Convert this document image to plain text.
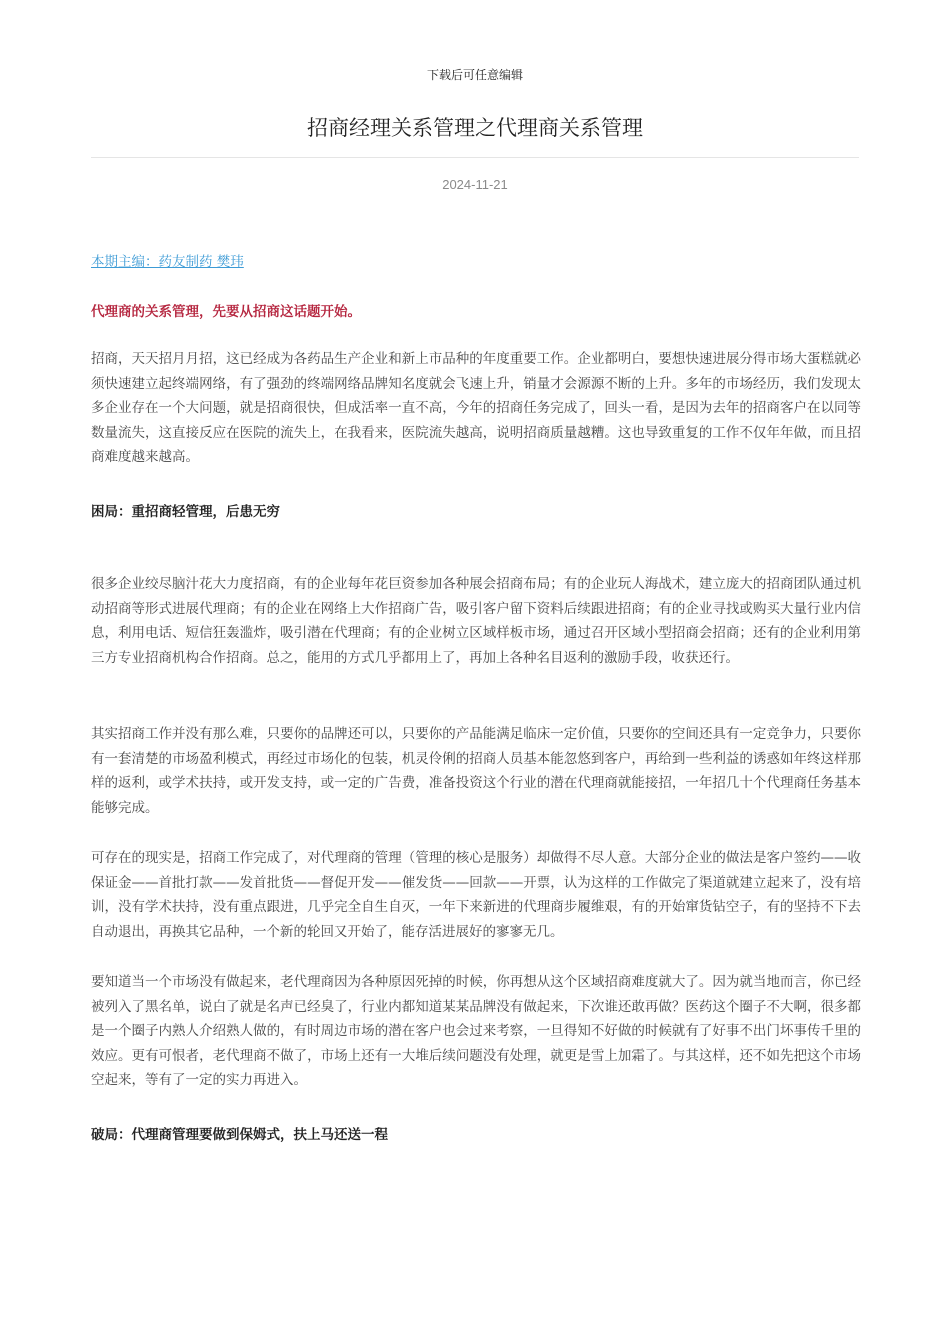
下载后可任意编辑
招商经理关系管理之代理商关系管理
2024-11-21
本期主编：药友制药 樊玮
代理商的关系管理，先要从招商这话题开始。

招商，天天招月月招，这已经成为各药品生产企业和新上市品种的年度重要工作。企业都明白，要想快速进展分得市场大蛋糕就必须快速建立起终端网络，有了强劲的终端网络品牌知名度就会飞速上升，销量才会源源不断的上升。多年的市场经历，我们发现太多企业存在一个大问题，就是招商很快，但成活率一直不高，今年的招商任务完成了，回头一看，是因为去年的招商客户在以同等数量流失，这直接反应在医院的流失上，在我看来，医院流失越高，说明招商质量越糟。这也导致重复的工作不仅年年做，而且招商难度越来越高。

困局：重招商轻管理，后患无穷

很多企业绞尽脑汁花大力度招商，有的企业每年花巨资参加各种展会招商布局；有的企业玩人海战术，建立庞大的招商团队通过机动招商等形式进展代理商；有的企业在网络上大作招商广告，吸引客户留下资料后续跟进招商；有的企业寻找或购买大量行业内信息，利用电话、短信狂轰滥炸，吸引潜在代理商；有的企业树立区域样板市场，通过召开区域小型招商会招商；还有的企业利用第三方专业招商机构合作招商。总之，能用的方式几乎都用上了，再加上各种名目返利的激励手段，收获还行。

其实招商工作并没有那么难，只要你的品牌还可以，只要你的产品能满足临床一定价值，只要你的空间还具有一定竞争力，只要你有一套清楚的市场盈利模式，再经过市场化的包装，机灵伶俐的招商人员基本能忽悠到客户，再给到一些利益的诱惑如年终这样那样的返利，或学术扶持，或开发支持，或一定的广告费，准备投资这个行业的潜在代理商就能接招，一年招几十个代理商任务基本能够完成。

可存在的现实是，招商工作完成了，对代理商的管理（管理的核心是服务）却做得不尽人意。大部分企业的做法是客户签约——收保证金——首批打款——发首批货——督促开发——催发货——回款——开票，认为这样的工作做完了渠道就建立起来了，没有培训，没有学术扶持，没有重点跟进，几乎完全自生自灭，一年下来新进的代理商步履维艰，有的开始窜货钻空子，有的坚持不下去自动退出，再换其它品种，一个新的轮回又开始了，能存活进展好的寥寥无几。

要知道当一个市场没有做起来，老代理商因为各种原因死掉的时候，你再想从这个区域招商难度就大了。因为就当地而言，你已经被列入了黑名单，说白了就是名声已经臭了，行业内都知道某某品牌没有做起来，下次谁还敢再做？医药这个圈子不大啊，很多都是一个圈子内熟人介绍熟人做的，有时周边市场的潜在客户也会过来考察，一旦得知不好做的时候就有了好事不出门坏事传千里的效应。更有可恨者，老代理商不做了，市场上还有一大堆后续问题没有处理，就更是雪上加霜了。与其这样，还不如先把这个市场空起来，等有了一定的实力再进入。

破局：代理商管理要做到保姆式，扶上马还送一程
